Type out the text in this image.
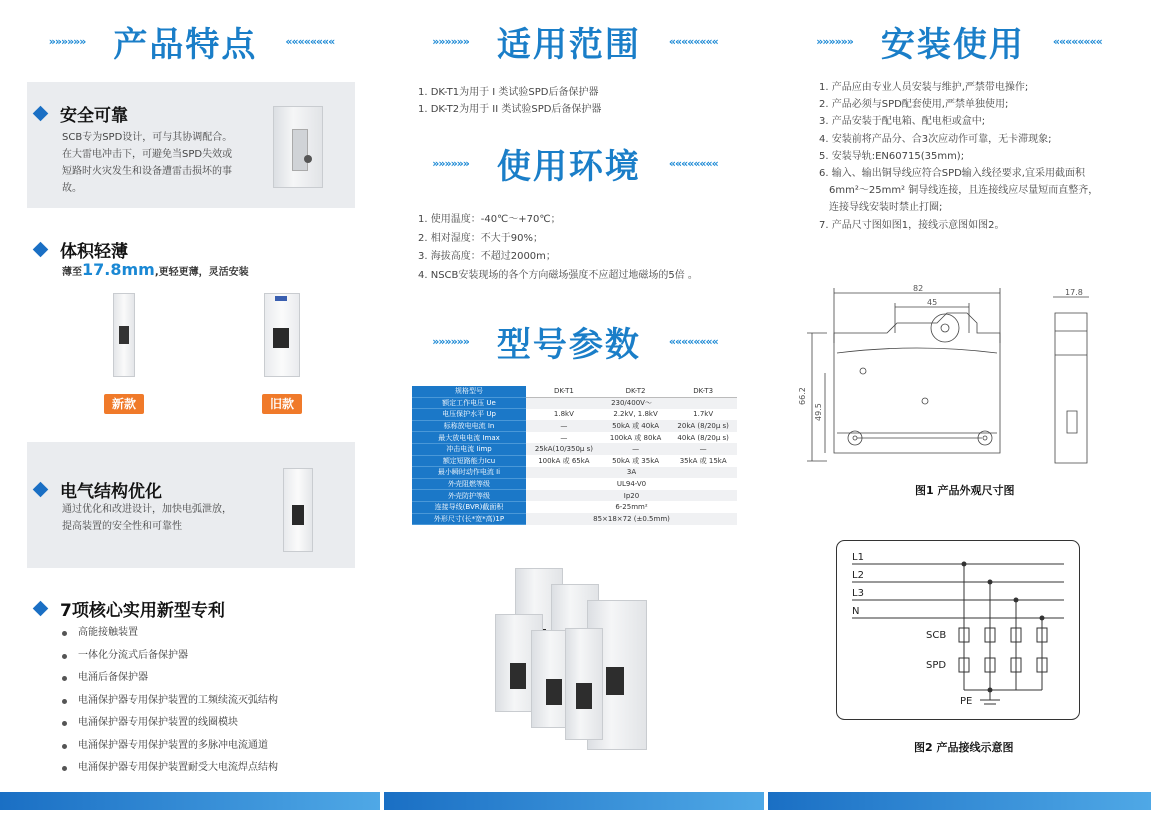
»»»»»» 产品特点	««««««««
安全可靠
SCB专为SPD设计，可与其协调配合。
在大雷电冲击下，可避免当SPD失效或
短路时火灾发生和设备遭雷击损坏的事
故。
体积轻薄
薄至17.8mm,更轻更薄，灵活安装
新款	旧款
电气结构优化
通过优化和改进设计，加快电弧泄放，
提高装置的安全性和可靠性
7项核心实用新型专利
高能接触装置
一体化分流式后备保护器
电涌后备保护器
电涌保护器专用保护装置的工频续流灭弧结构
电涌保护器专用保护装置的线圈模块
电涌保护器专用保护装置的多脉冲电流通道
电涌保护器专用保护装置耐受大电流焊点结构
»»»»»» 适用范围	««««««««
1. DK-T1为用于 I 类试验SPD后备保护器
1. DK-T2为用于 II 类试验SPD后备保护器
»»»»»» 使用环境	««««««««
1. 使用温度：-40℃～+70℃；
2. 相对湿度：不大于90%；
3. 海拔高度：不超过2000m；
4. NSCB安装现场的各个方向磁场强度不应超过地磁场的5倍 。
»»»»»» 型号参数	««««««««
规格型号	DK-T1	DK-T2	DK-T3
额定工作电压 Ue	230/400V～		
电压保护水平 Up	1.8kV	2.2kV, 1.8kV	1.7kV
标称放电电流 In	—	50kA 或 40kA	20kA (8/20μ s)
最大放电电流 Imax	—	100kA 或 80kA	40kA (8/20μ s)
冲击电流 Iimp	25kA(10/350μ s)	—	—
额定短路能力Icu	100kA 或 65kA	50kA 或 35kA	35kA 或 15kA
最小瞬时动作电流 Ii	3A		
外壳阻燃等级	UL94-V0		
外壳防护等级	Ip20		
连接导线(BVR)截面积	6-25mm²		
外形尺寸(长*宽*高)1P	85×18×72 (±0.5mm)		
»»»»»» 安装使用	««««««««
1. 产品应由专业人员安装与维护,严禁带电操作;
2. 产品必须与SPD配套使用,严禁单独使用;
3. 产品安装于配电箱、配电柜或盒中;
4. 安装前将产品分、合3次应动作可靠，无卡滞现象;
5. 安装导轨:EN60715(35mm);
6. 输入、输出铜导线应符合SPD输入线径要求,宜采用截面积
6mm²～25mm² 铜导线连接，且连接线应尽量短而直整齐，
连接导线安装时禁止打圈;
7. 产品尺寸图如图1，接线示意图如图2。
82
45
17.8
66.2
49.5
图1 产品外观尺寸图
L1
L2
L3
N
SCB
SPD
PE
图2 产品接线示意图
